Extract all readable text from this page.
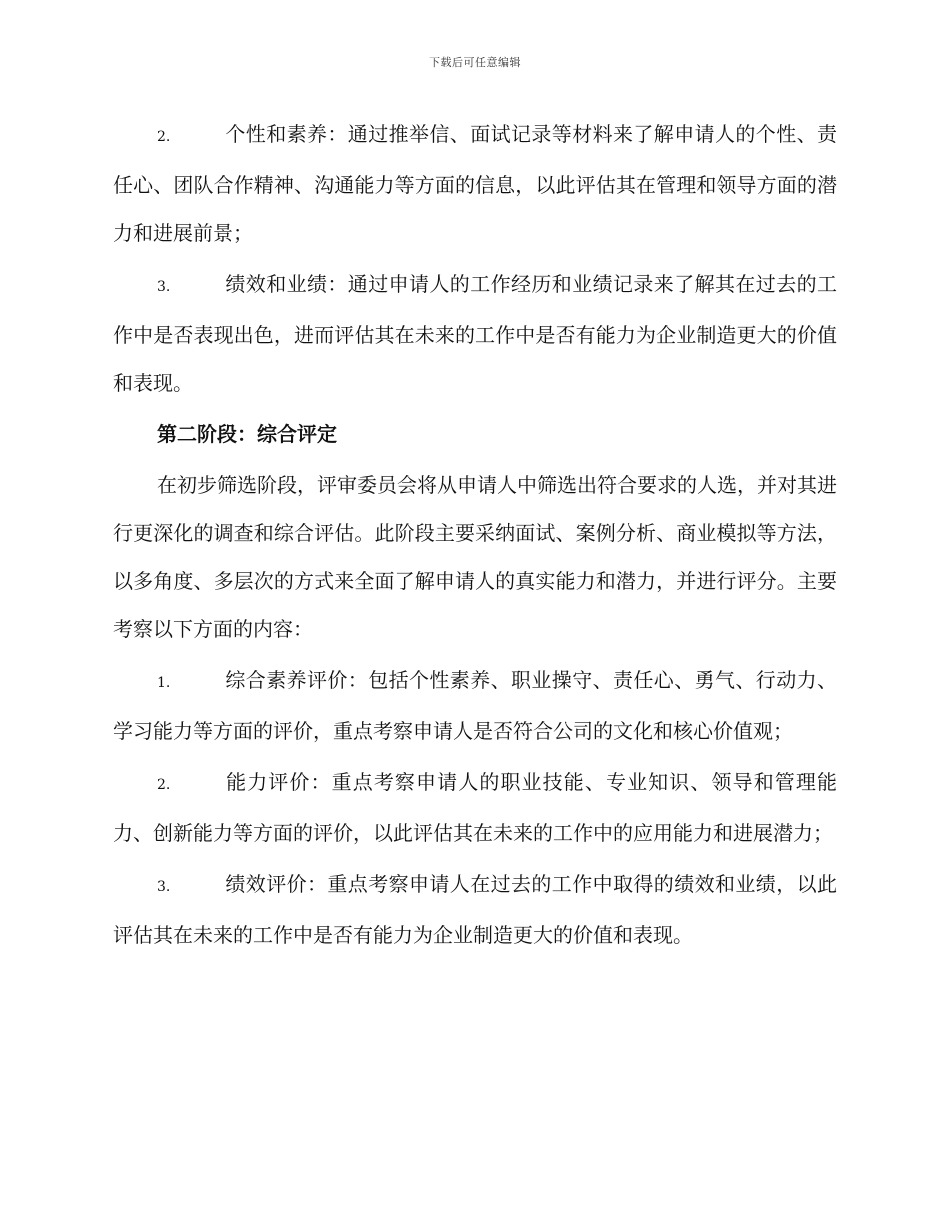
下载后可任意编辑

2.	个性和素养：通过推举信、面试记录等材料来了解申请人的个性、责任心、团队合作精神、沟通能力等方面的信息，以此评估其在管理和领导方面的潜力和进展前景；

3.	绩效和业绩：通过申请人的工作经历和业绩记录来了解其在过去的工作中是否表现出色，进而评估其在未来的工作中是否有能力为企业制造更大的价值和表现。

第二阶段：综合评定

在初步筛选阶段，评审委员会将从申请人中筛选出符合要求的人选，并对其进行更深化的调查和综合评估。此阶段主要采纳面试、案例分析、商业模拟等方法，以多角度、多层次的方式来全面了解申请人的真实能力和潜力，并进行评分。主要考察以下方面的内容：

1.	综合素养评价：包括个性素养、职业操守、责任心、勇气、行动力、学习能力等方面的评价，重点考察申请人是否符合公司的文化和核心价值观；

2.	能力评价：重点考察申请人的职业技能、专业知识、领导和管理能力、创新能力等方面的评价，以此评估其在未来的工作中的应用能力和进展潜力；

3.	绩效评价：重点考察申请人在过去的工作中取得的绩效和业绩，以此评估其在未来的工作中是否有能力为企业制造更大的价值和表现。
